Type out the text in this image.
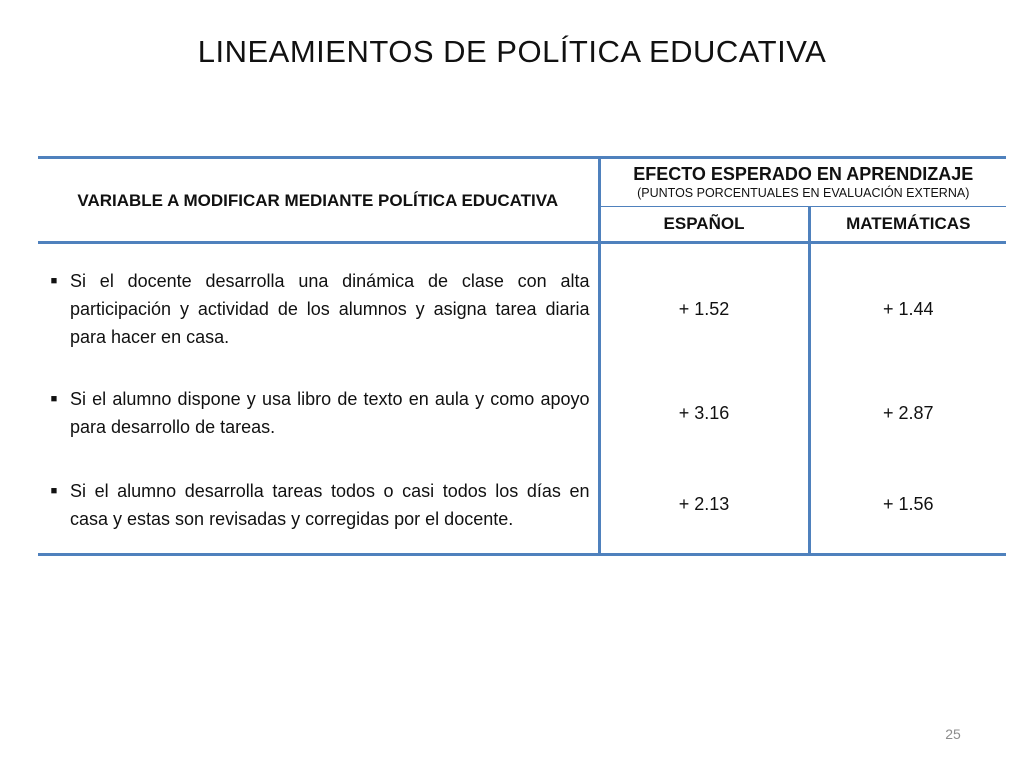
LINEAMIENTOS DE POLÍTICA EDUCATIVA
VARIABLE A MODIFICAR MEDIANTE POLÍTICA EDUCATIVA	EFECTO ESPERADO EN APRENDIZAJE
(PUNTOS PORCENTUALES EN EVALUACIÓN EXTERNA)	

	ESPAÑOL	MATEMÁTICAS

■ Si el docente desarrolla una dinámica de clase con alta participación y actividad de los alumnos y asigna tarea diaria para hacer en casa.	+ 1.52	+ 1.44

■ Si el alumno dispone y usa libro de texto en aula y como apoyo para desarrollo de tareas.	+ 3.16	+ 2.87

■ Si el alumno desarrolla tareas todos o casi todos los días en casa y estas son revisadas y corregidas por el docente.	+ 2.13	+ 1.56
25
